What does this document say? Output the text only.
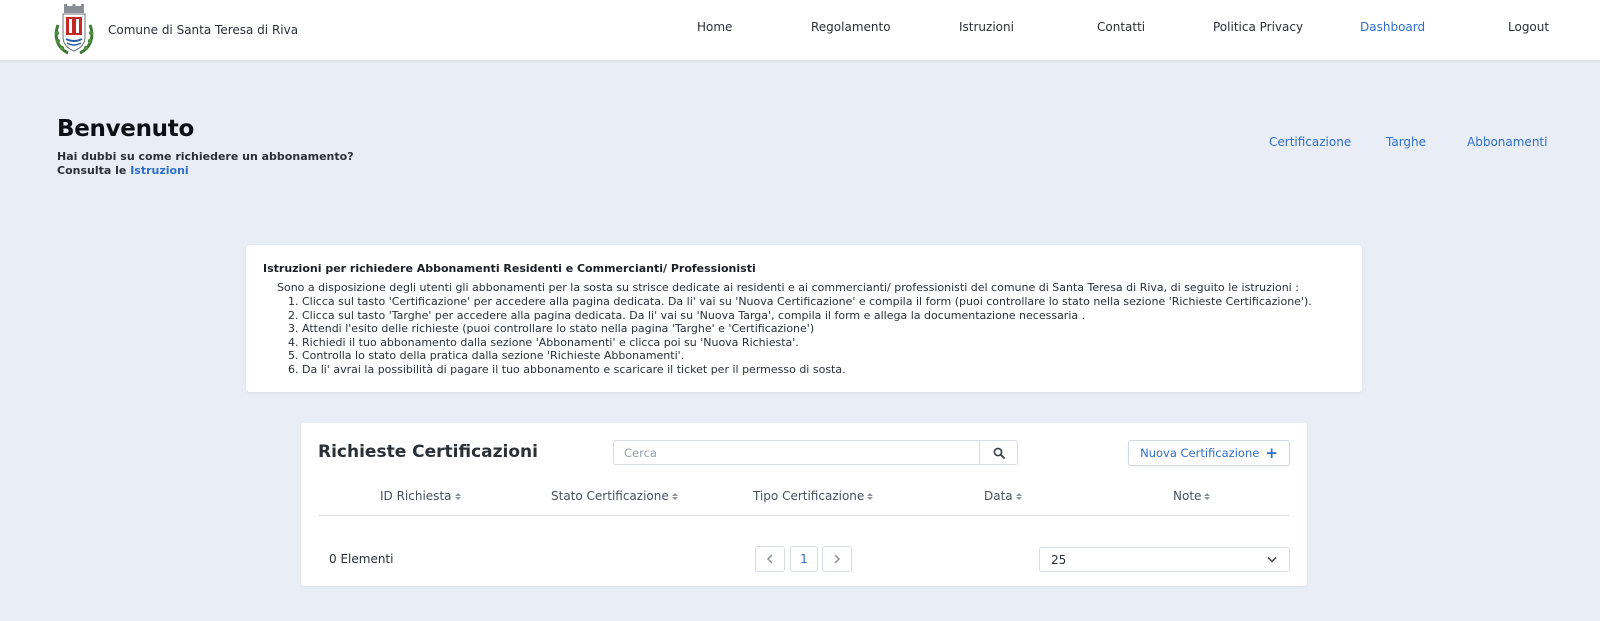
Comune di Santa Teresa di Riva	Home	Regolamento	Istruzioni	Contatti	Politica Privacy	Dashboard	Logout
Benvenuto
Hai dubbi su come richiedere un abbonamento?
Consulta le Istruzioni
Certificazione	Targhe	Abbonamenti
Istruzioni per richiedere Abbonamenti Residenti e Commercianti/ Professionisti
Sono a disposizione degli utenti gli abbonamenti per la sosta su strisce dedicate ai residenti e ai commercianti/ professionisti del comune di Santa Teresa di Riva, di seguito le istruzioni :
1. Clicca sul tasto 'Certificazione' per accedere alla pagina dedicata. Da li' vai su 'Nuova Certificazione' e compila il form (puoi controllare lo stato nella sezione 'Richieste Certificazione').
2. Clicca sul tasto 'Targhe' per accedere alla pagina dedicata. Da li' vai su 'Nuova Targa', compila il form e allega la documentazione necessaria .
3. Attendi l'esito delle richieste (puoi controllare lo stato nella pagina 'Targhe' e 'Certificazione')
4. Richiedi il tuo abbonamento dalla sezione 'Abbonamenti' e clicca poi su 'Nuova Richiesta'.
5. Controlla lo stato della pratica dalla sezione 'Richieste Abbonamenti'.
6. Da li' avrai la possibilità di pagare il tuo abbonamento e scaricare il ticket per il permesso di sosta.
Richieste Certificazioni
Cerca	Nuova Certificazione +
ID Richiesta	Stato Certificazione	Tipo Certificazione	Data	Note
0 Elementi	1	25
